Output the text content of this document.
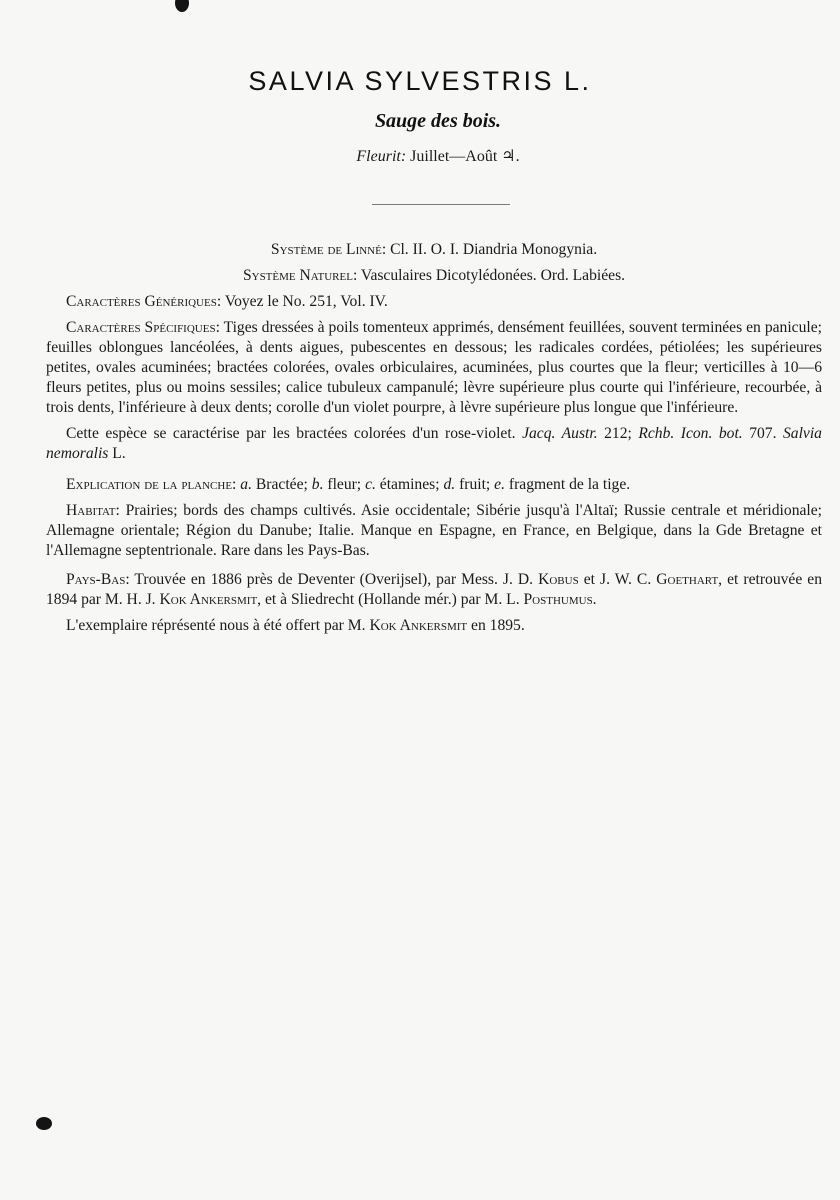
SALVIA SYLVESTRIS L.
Sauge des bois.
Fleurit: Juillet—Août ♃.

Système de Linné: Cl. II. O. I. Diandria Monogynia.

Système Naturel: Vasculaires Dicotylédonées. Ord. Labiées.

Caractères Génériques: Voyez le No. 251, Vol. IV.

Caractères Spécifiques: Tiges dressées à poils tomenteux apprimés, densément feuillées, souvent terminées en panicule; feuilles oblongues lancéolées, à dents aigues, pubescentes en dessous; les radicales cordées, pétiolées; les supérieures petites, ovales acuminées; bractées colorées, ovales orbiculaires, acuminées, plus courtes que la fleur; verticilles à 10—6 fleurs petites, plus ou moins sessiles; calice tubuleux campanulé; lèvre supérieure plus courte qui l'inférieure, recourbée, à trois dents, l'inférieure à deux dents; corolle d'un violet pourpre, à lèvre supérieure plus longue que l'inférieure.

Cette espèce se caractérise par les bractées colorées d'un rose-violet. Jacq. Austr. 212; Rchb. Icon. bot. 707. Salvia nemoralis L.

Explication de la planche: a. Bractée; b. fleur; c. étamines; d. fruit; e. fragment de la tige.

Habitat: Prairies; bords des champs cultivés. Asie occidentale; Sibérie jusqu'à l'Altaï; Russie centrale et méridionale; Allemagne orientale; Région du Danube; Italie. Manque en Espagne, en France, en Belgique, dans la Gde Bretagne et l'Allemagne septentrionale. Rare dans les Pays-Bas.

Pays-Bas: Trouvée en 1886 près de Deventer (Overijsel), par Mess. J. D. Kobus et J. W. C. Goethart, et retrouvée en 1894 par M. H. J. Kok Ankersmit, et à Sliedrecht (Hollande mér.) par M. L. Posthumus.

L'exemplaire réprésenté nous à été offert par M. Kok Ankersmit en 1895.
